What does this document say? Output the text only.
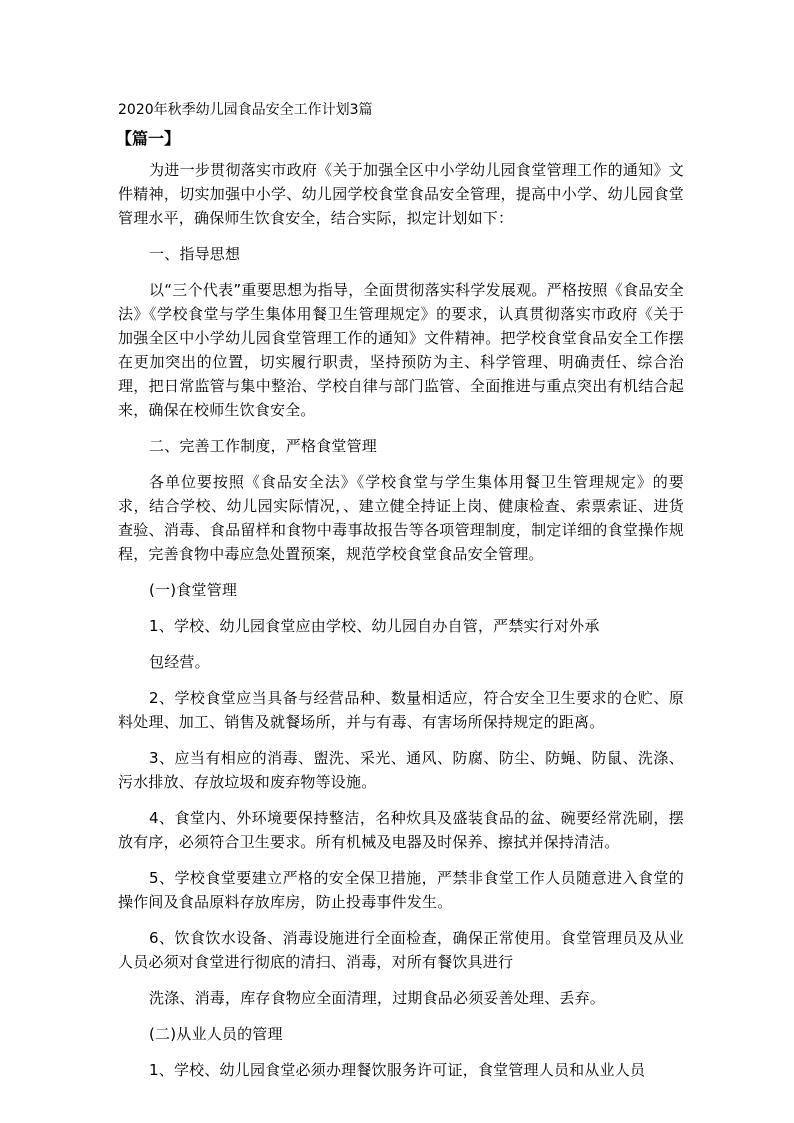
2020年秋季幼儿园食品安全工作计划3篇
【篇一】

为进一步贯彻落实市政府《关于加强全区中小学幼儿园食堂管理工作的通知》文件精神，切实加强中小学、幼儿园学校食堂食品安全管理，提高中小学、幼儿园食堂管理水平，确保师生饮食安全，结合实际，拟定计划如下：

一、指导思想

以“三个代表”重要思想为指导，全面贯彻落实科学发展观。严格按照《食品安全法》《学校食堂与学生集体用餐卫生管理规定》的要求，认真贯彻落实市政府《关于加强全区中小学幼儿园食堂管理工作的通知》文件精神。把学校食堂食品安全工作摆在更加突出的位置，切实履行职责，坚持预防为主、科学管理、明确责任、综合治理，把日常监管与集中整治、学校自律与部门监管、全面推进与重点突出有机结合起来，确保在校师生饮食安全。

二、完善工作制度，严格食堂管理

各单位要按照《食品安全法》《学校食堂与学生集体用餐卫生管理规定》的要求，结合学校、幼儿园实际情况，、建立健全持证上岗、健康检查、索票索证、进货查验、消毒、食品留样和食物中毒事故报告等各项管理制度，制定详细的食堂操作规程，完善食物中毒应急处置预案，规范学校食堂食品安全管理。

(一)食堂管理

1、学校、幼儿园食堂应由学校、幼儿园自办自管，严禁实行对外承

包经营。

2、学校食堂应当具备与经营品种、数量相适应，符合安全卫生要求的仓贮、原料处理、加工、销售及就餐场所，并与有毒、有害场所保持规定的距离。

3、应当有相应的消毒、盥洗、采光、通风、防腐、防尘、防蝇、防鼠、洗涤、污水排放、存放垃圾和废弃物等设施。

4、食堂内、外环境要保持整洁，名种炊具及盛装食品的盆、碗要经常洗刷，摆放有序，必须符合卫生要求。所有机械及电器及时保养、擦拭并保持清洁。

5、学校食堂要建立严格的安全保卫措施，严禁非食堂工作人员随意进入食堂的操作间及食品原料存放库房，防止投毒事件发生。

6、饮食饮水设备、消毒设施进行全面检查，确保正常使用。食堂管理员及从业人员必须对食堂进行彻底的清扫、消毒，对所有餐饮具进行

洗涤、消毒，库存食物应全面清理，过期食品必须妥善处理、丢弃。

(二)从业人员的管理

1、学校、幼儿园食堂必须办理餐饮服务许可证，食堂管理人员和从业人员
